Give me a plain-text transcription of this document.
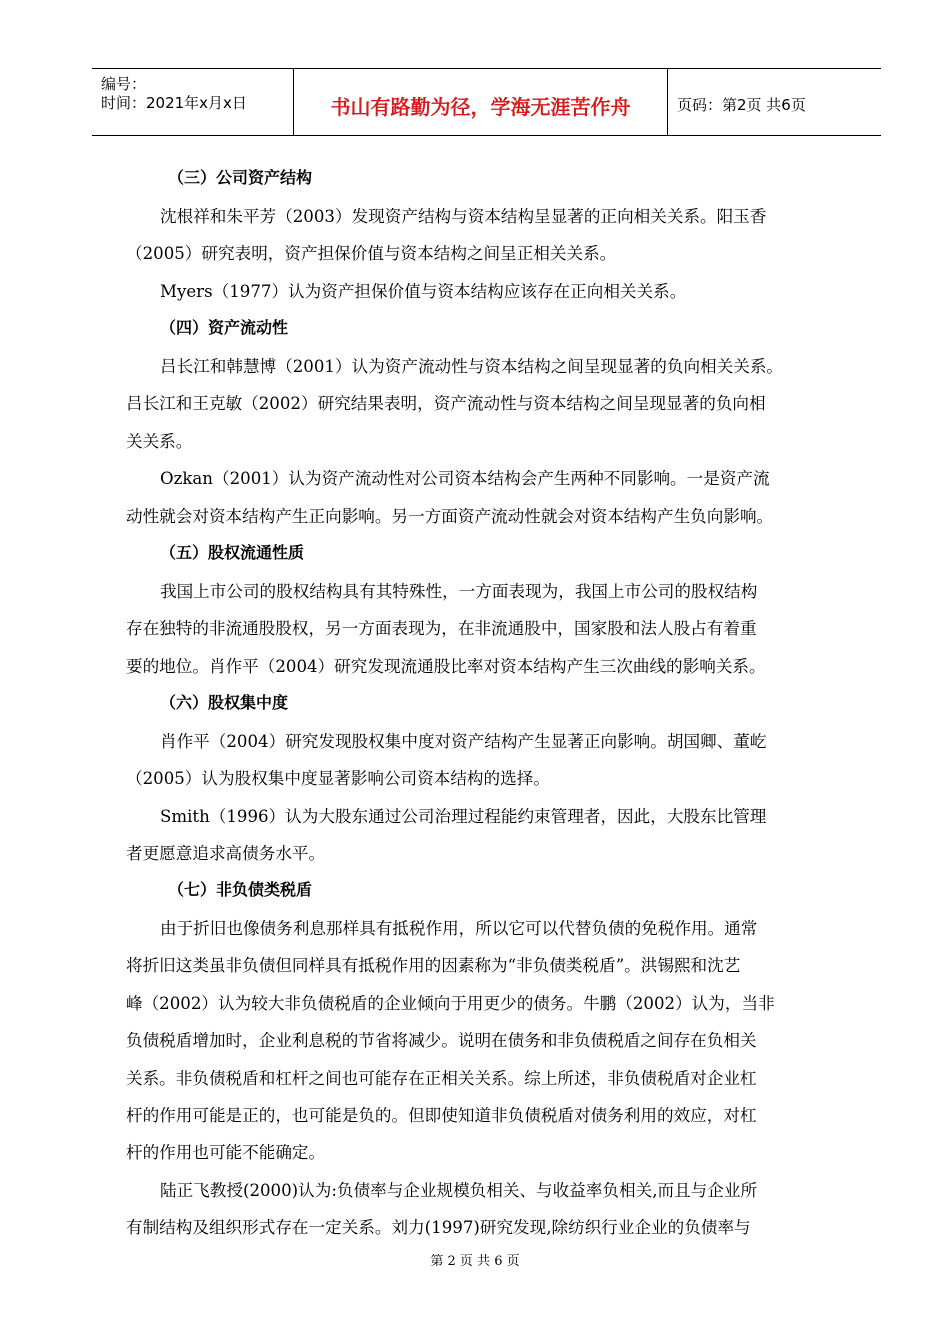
编号：
时间：2021年x月x日	书山有路勤为径，学海无涯苦作舟	页码：第2页 共6页
（三）公司资产结构
沈根祥和朱平芳（2003）发现资产结构与资本结构呈显著的正向相关关系。阳玉香
（2005）研究表明，资产担保价值与资本结构之间呈正相关关系。
Myers（1977）认为资产担保价值与资本结构应该存在正向相关关系。
（四）资产流动性
吕长江和韩慧博（2001）认为资产流动性与资本结构之间呈现显著的负向相关关系。
吕长江和王克敏（2002）研究结果表明，资产流动性与资本结构之间呈现显著的负向相
关关系。
Ozkan（2001）认为资产流动性对公司资本结构会产生两种不同影响。一是资产流
动性就会对资本结构产生正向影响。另一方面资产流动性就会对资本结构产生负向影响。
（五）股权流通性质
我国上市公司的股权结构具有其特殊性，一方面表现为，我国上市公司的股权结构
存在独特的非流通股股权，另一方面表现为，在非流通股中，国家股和法人股占有着重
要的地位。肖作平（2004）研究发现流通股比率对资本结构产生三次曲线的影响关系。
（六）股权集中度
肖作平（2004）研究发现股权集中度对资产结构产生显著正向影响。胡国卿、董屹
（2005）认为股权集中度显著影响公司资本结构的选择。
Smith（1996）认为大股东通过公司治理过程能约束管理者，因此，大股东比管理
者更愿意追求高债务水平。
（七）非负债类税盾
由于折旧也像债务利息那样具有抵税作用，所以它可以代替负债的免税作用。通常
将折旧这类虽非负债但同样具有抵税作用的因素称为“非负债类税盾”。洪锡熙和沈艺
峰（2002）认为较大非负债税盾的企业倾向于用更少的债务。牛鹏（2002）认为，当非
负债税盾增加时，企业利息税的节省将减少。说明在债务和非负债税盾之间存在负相关
关系。非负债税盾和杠杆之间也可能存在正相关关系。综上所述，非负债税盾对企业杠
杆的作用可能是正的，也可能是负的。但即使知道非负债税盾对债务利用的效应，对杠
杆的作用也可能不能确定。
陆正飞教授(2000)认为:负债率与企业规模负相关、与收益率负相关,而且与企业所
有制结构及组织形式存在一定关系。刘力(1997)研究发现,除纺织行业企业的负债率与
第 2 页 共 6 页
